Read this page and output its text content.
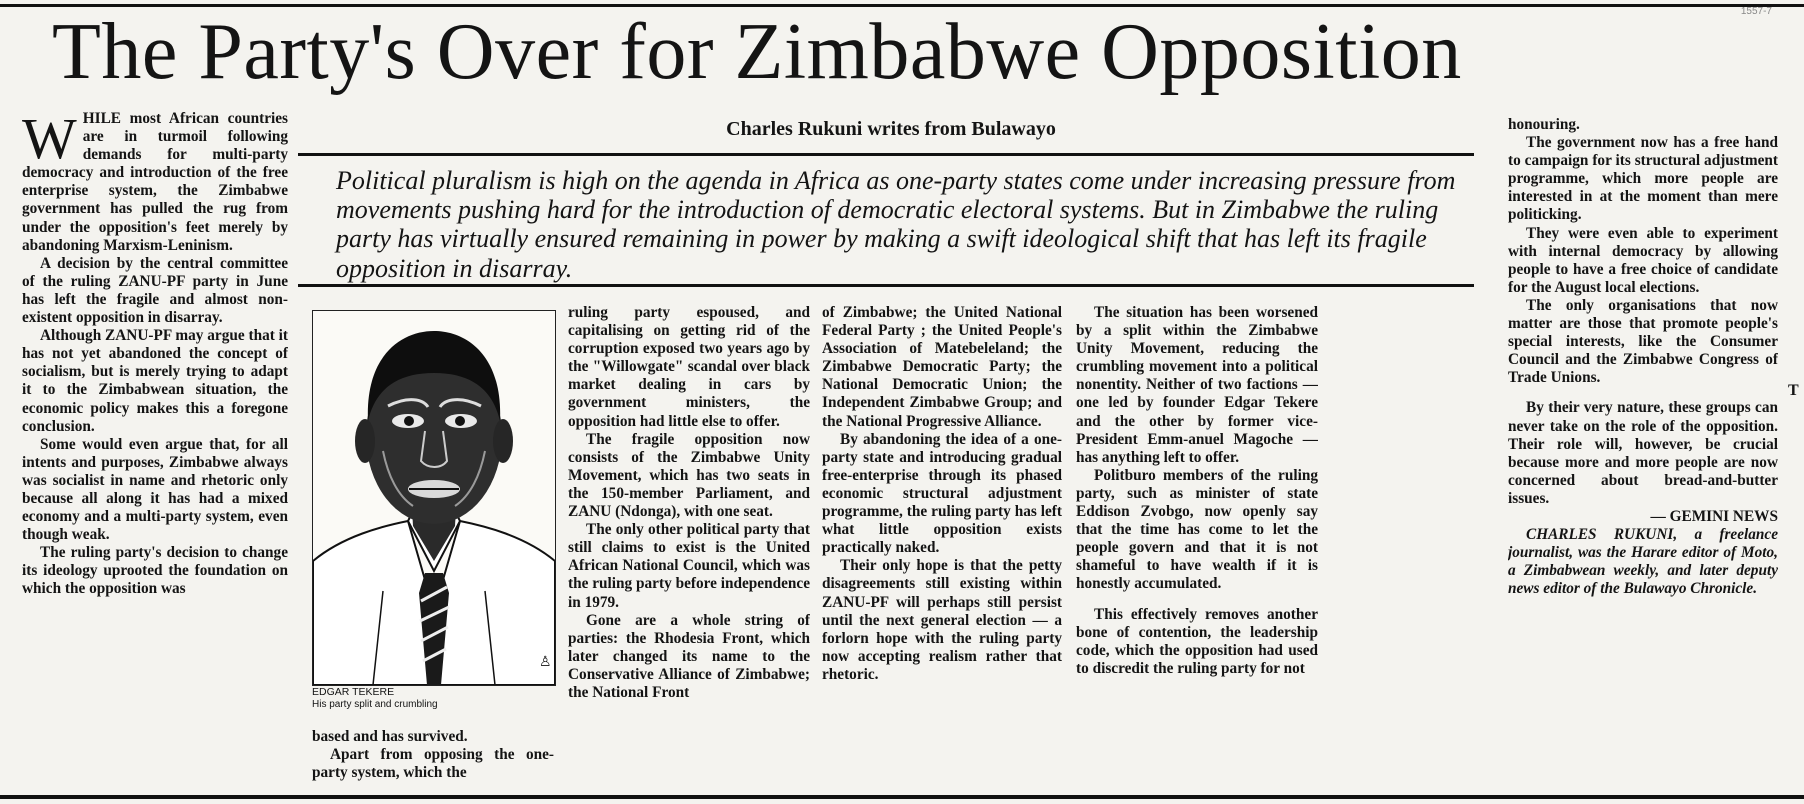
The Party's Over for Zimbabwe Opposition	1557-7

WHILE most African countries are in turmoil following demands for multi-party democracy and introduction of the free enterprise system, the Zimbabwe government has pulled the rug from under the opposition's feet merely by abandoning Marxism-Leninism.

A decision by the central committee of the ruling ZANU-PF party in June has left the fragile and almost non-existent opposition in disarray.

Although ZANU-PF may argue that it has not yet abandoned the concept of socialism, but is merely trying to adapt it to the Zimbabwean situation, the economic policy makes this a foregone conclusion.

Some would even argue that, for all intents and purposes, Zimbabwe always was socialist in name and rhetoric only because all along it has had a mixed economy and a multi-party system, even though weak.

The ruling party's decision to change its ideology uprooted the foundation on which the opposition was

Charles Rukuni writes from Bulawayo

Political pluralism is high on the agenda in Africa as one-party states come under increasing pressure from movements pushing hard for the introduction of democratic electoral systems. But in Zimbabwe the ruling party has virtually ensured remaining in power by making a swift ideological shift that has left its fragile opposition in disarray.

♙

EDGAR TEKERE

His party split and crumbling

based and has survived.

Apart from opposing the one-party system, which the

ruling party espoused, and capitalising on getting rid of the corruption exposed two years ago by the "Willowgate" scandal over black market dealing in cars by government ministers, the opposition had little else to offer.

The fragile opposition now consists of the Zimbabwe Unity Movement, which has two seats in the 150-member Parliament, and ZANU (Ndonga), with one seat.

The only other political party that still claims to exist is the United African National Council, which was the ruling party before independence in 1979.

Gone are a whole string of parties: the Rhodesia Front, which later changed its name to the Conservative Alliance of Zimbabwe; the National Front

of Zimbabwe; the United National Federal Party ; the United People's Association of Matebeleland; the Zimbabwe Democratic Party; the National Democratic Union; the Independent Zimbabwe Group; and the National Progressive Alliance.

By abandoning the idea of a one-party state and introducing gradual free-enterprise through its phased economic structural adjustment programme, the ruling party has left what little opposition exists practically naked.

Their only hope is that the petty disagreements still existing within ZANU-PF will perhaps still persist until the next general election — a forlorn hope with the ruling party now accepting realism rather that rhetoric.

The situation has been worsened by a split within the Zimbabwe Unity Movement, reducing the crumbling movement into a political nonentity. Neither of two factions — one led by founder Edgar Tekere and the other by former vice-President Emm-anuel Magoche — has anything left to offer.

Politburo members of the ruling party, such as minister of state Eddison Zvobgo, now openly say that the time has come to let the people govern and that it is not shameful to have wealth if it is honestly accumulated.

This effectively removes another bone of contention, the leadership code, which the opposition had used to discredit the ruling party for not

honouring.

The government now has a free hand to campaign for its structural adjustment programme, which more people are interested in at the moment than mere politicking.

They were even able to experiment with internal democracy by allowing people to have a free choice of candidate for the August local elections.

The only organisations that now matter are those that promote people's special interests, like the Consumer Council and the Zimbabwe Congress of Trade Unions.

By their very nature, these groups can never take on the role of the opposition. Their role will, however, be crucial because more and more people are now concerned about bread-and-butter issues.

— GEMINI NEWS

CHARLES RUKUNI, a freelance journalist, was the Harare editor of Moto, a Zimbabwean weekly, and later deputy news editor of the Bulawayo Chronicle.

T
